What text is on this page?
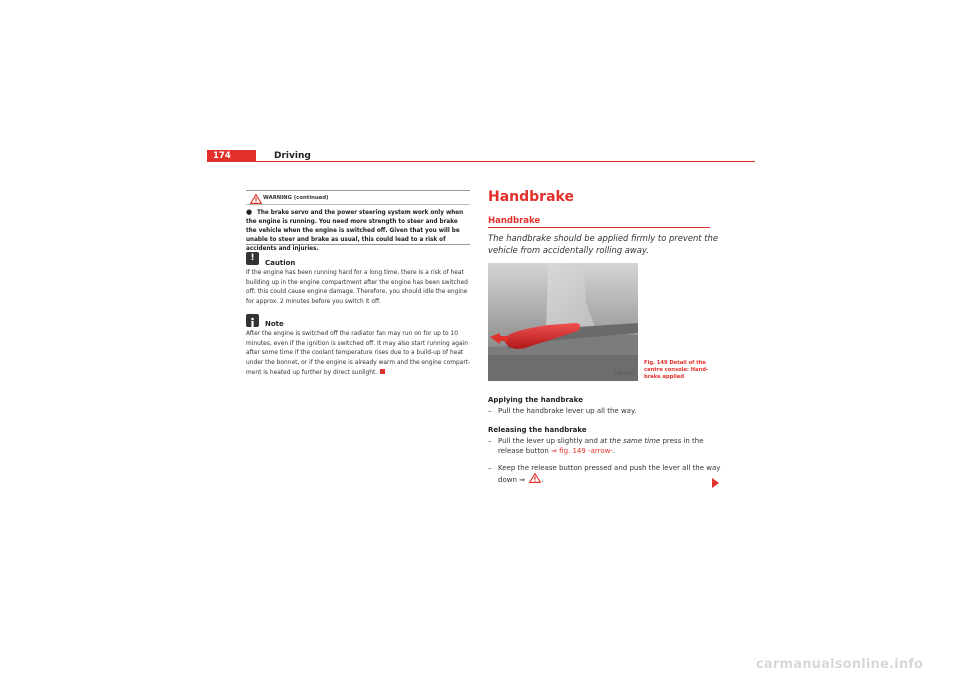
174	Driving
WARNING (continued)
●  The brake servo and the power steering system work only when the engine is running. You need more strength to steer and brake the vehicle when the engine is switched off. Given that you will be unable to steer and brake as usual, this could lead to a risk of accidents and injuries.
!	Caution
If the engine has been running hard for a long time, there is a risk of heat building up in the engine compartment after the engine has been switched off; this could cause engine damage. Therefore, you should idle the engine for approx. 2 minutes before you switch it off.
Note
After the engine is switched off the radiator fan may run on for up to 10 minutes, even if the ignition is switched off. It may also start running again after some time if the coolant temperature rises due to a build-up of heat under the bonnet, or if the engine is already warm and the engine compart-ment is heated up further by direct sunlight.
Handbrake
Handbrake
The handbrake should be applied firmly to prevent the vehicle from accidentally rolling away.
B3R-0073
Fig. 149 Detail of the centre console: Hand-brake applied
Applying the handbrake
– Pull the handbrake lever up all the way.
Releasing the handbrake
– Pull the lever up slightly and at the same time press in the release button ⇒ fig. 149 -arrow-.
– Keep the release button pressed and push the lever all the way down ⇒ .
carmanualsonline.info
